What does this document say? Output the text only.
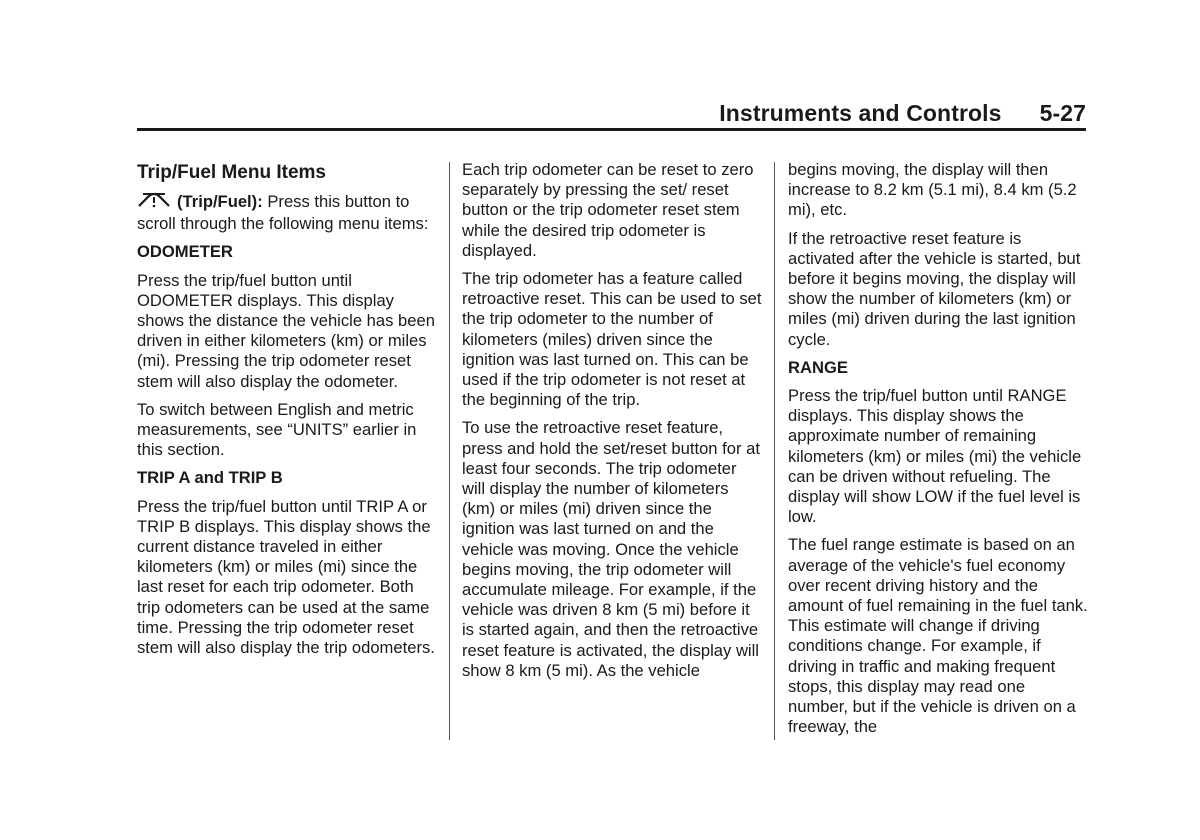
Instruments and Controls 5-27
Trip/Fuel Menu Items

(Trip/Fuel): Press this button to scroll through the following menu items:

ODOMETER

Press the trip/fuel button until ODOMETER displays. This display shows the distance the vehicle has been driven in either kilometers (km) or miles (mi). Pressing the trip odometer reset stem will also display the odometer.

To switch between English and metric measurements, see “UNITS” earlier in this section.

TRIP A and TRIP B

Press the trip/fuel button until TRIP A or TRIP B displays. This display shows the current distance traveled in either kilometers (km) or miles (mi) since the last reset for each trip odometer. Both trip odometers can be used at the same time. Pressing the trip odometer reset stem will also display the trip odometers.

Each trip odometer can be reset to zero separately by pressing the set/ reset button or the trip odometer reset stem while the desired trip odometer is displayed.

The trip odometer has a feature called retroactive reset. This can be used to set the trip odometer to the number of kilometers (miles) driven since the ignition was last turned on. This can be used if the trip odometer is not reset at the beginning of the trip.

To use the retroactive reset feature, press and hold the set/reset button for at least four seconds. The trip odometer will display the number of kilometers (km) or miles (mi) driven since the ignition was last turned on and the vehicle was moving. Once the vehicle begins moving, the trip odometer will accumulate mileage. For example, if the vehicle was driven 8 km (5 mi) before it is started again, and then the retroactive reset feature is activated, the display will show 8 km (5 mi). As the vehicle

begins moving, the display will then increase to 8.2 km (5.1 mi), 8.4 km (5.2 mi), etc.

If the retroactive reset feature is activated after the vehicle is started, but before it begins moving, the display will show the number of kilometers (km) or miles (mi) driven during the last ignition cycle.

RANGE

Press the trip/fuel button until RANGE displays. This display shows the approximate number of remaining kilometers (km) or miles (mi) the vehicle can be driven without refueling. The display will show LOW if the fuel level is low.

The fuel range estimate is based on an average of the vehicle's fuel economy over recent driving history and the amount of fuel remaining in the fuel tank. This estimate will change if driving conditions change. For example, if driving in traffic and making frequent stops, this display may read one number, but if the vehicle is driven on a freeway, the
